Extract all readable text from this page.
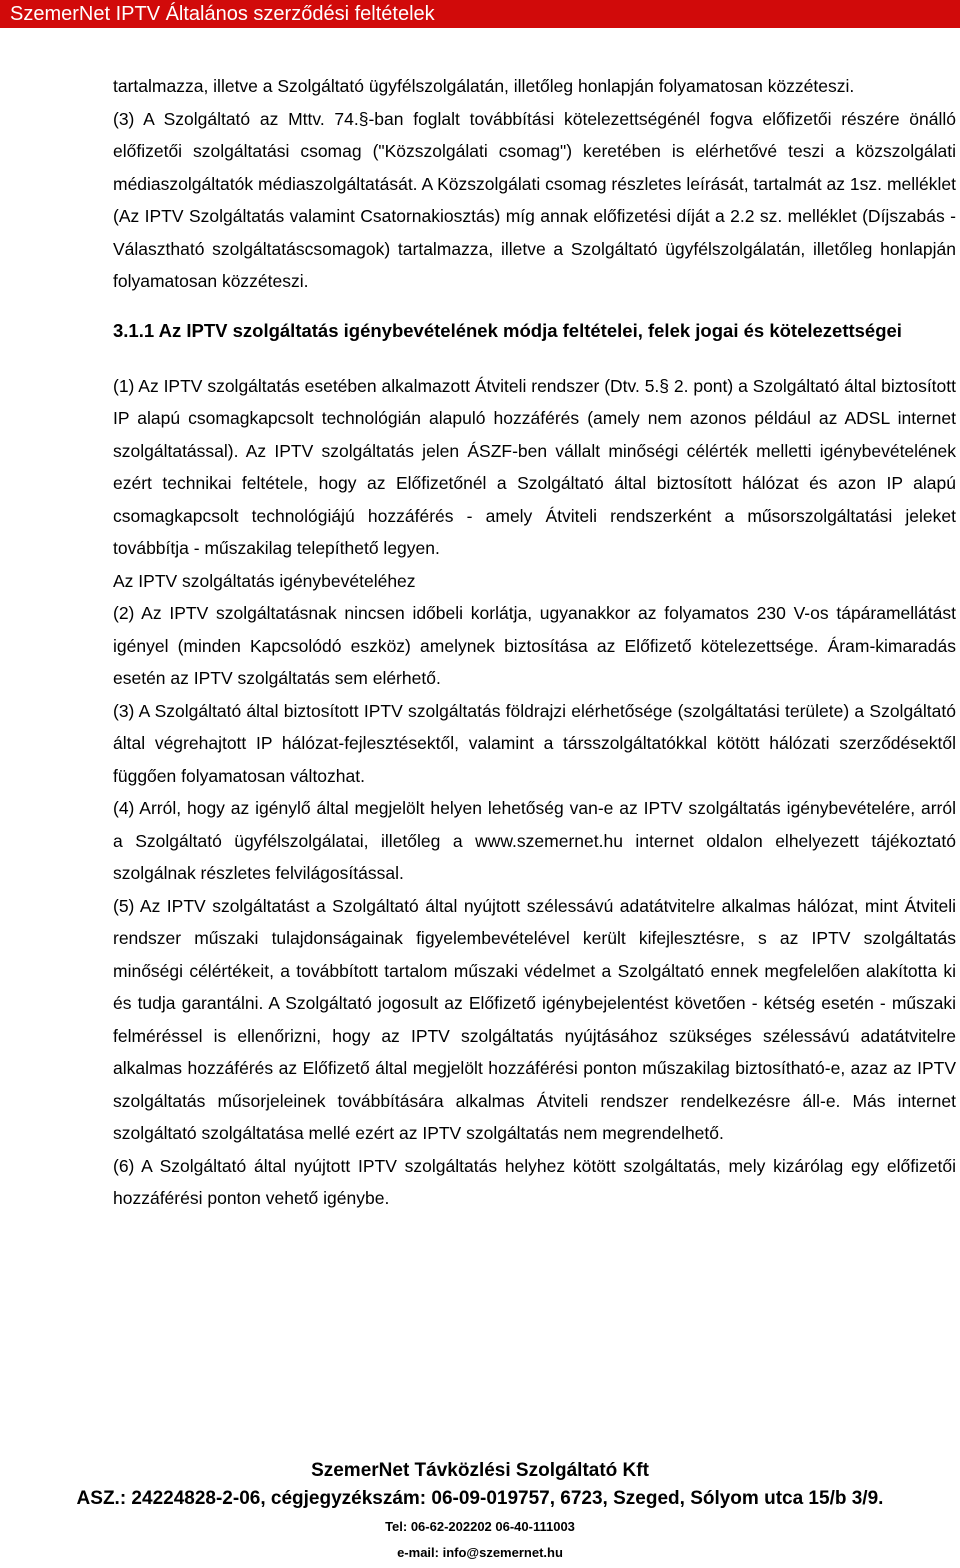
SzemerNet IPTV Általános szerződési feltételek

tartalmazza, illetve a Szolgáltató ügyfélszolgálatán, illetőleg honlapján folyamatosan közzéteszi.

(3) A Szolgáltató az Mttv. 74.§-ban foglalt továbbítási kötelezettségénél fogva előfizetői részére önálló előfizetői szolgáltatási csomag ("Közszolgálati csomag") keretében is elérhetővé teszi a közszolgálati médiaszolgáltatók médiaszolgáltatását. A Közszolgálati csomag részletes leírását, tartalmát az 1sz. melléklet (Az IPTV Szolgáltatás valamint Csatornakiosztás) míg annak előfizetési díját a 2.2 sz. melléklet (Díjszabás - Választható szolgáltatáscsomagok) tartalmazza, illetve a Szolgáltató ügyfélszolgálatán, illetőleg honlapján folyamatosan közzéteszi.

3.1.1 Az IPTV szolgáltatás igénybevételének módja feltételei, felek jogai és kötelezettségei

(1) Az IPTV szolgáltatás esetében alkalmazott Átviteli rendszer (Dtv. 5.§ 2. pont) a Szolgáltató által biztosított IP alapú csomagkapcsolt technológián alapuló hozzáférés (amely nem azonos például az ADSL internet szolgáltatással). Az IPTV szolgáltatás jelen ÁSZF-ben vállalt minőségi célérték melletti igénybevételének ezért technikai feltétele, hogy az Előfizetőnél a Szolgáltató által biztosított hálózat és azon IP alapú csomagkapcsolt technológiájú hozzáférés - amely Átviteli rendszerként a műsorszolgáltatási jeleket továbbítja - műszakilag telepíthető legyen.

Az IPTV szolgáltatás igénybevételéhez

(2) Az IPTV szolgáltatásnak nincsen időbeli korlátja, ugyanakkor az folyamatos 230 V-os tápáramellátást igényel (minden Kapcsolódó eszköz) amelynek biztosítása az Előfizető kötelezettsége. Áram-kimaradás esetén az IPTV szolgáltatás sem elérhető.

(3) A Szolgáltató által biztosított IPTV szolgáltatás földrajzi elérhetősége (szolgáltatási területe) a Szolgáltató által végrehajtott IP hálózat-fejlesztésektől, valamint a társszolgáltatókkal kötött hálózati szerződésektől függően folyamatosan változhat.

(4) Arról, hogy az igénylő által megjelölt helyen lehetőség van-e az IPTV szolgáltatás igénybevételére, arról a Szolgáltató ügyfélszolgálatai, illetőleg a www.szemernet.hu internet oldalon elhelyezett tájékoztató szolgálnak részletes felvilágosítással.

(5) Az IPTV szolgáltatást a Szolgáltató által nyújtott szélessávú adatátvitelre alkalmas hálózat, mint Átviteli rendszer műszaki tulajdonságainak figyelembevételével került kifejlesztésre, s az IPTV szolgáltatás minőségi célértékeit, a továbbított tartalom műszaki védelmet a Szolgáltató ennek megfelelően alakította ki és tudja garantálni. A Szolgáltató jogosult az Előfizető igénybejelentést követően - kétség esetén - műszaki felméréssel is ellenőrizni, hogy az IPTV szolgáltatás nyújtásához szükséges szélessávú adatátvitelre alkalmas hozzáférés az Előfizető által megjelölt hozzáférési ponton műszakilag biztosítható-e, azaz az IPTV szolgáltatás műsorjeleinek továbbítására alkalmas Átviteli rendszer rendelkezésre áll-e. Más internet szolgáltató szolgáltatása mellé ezért az IPTV szolgáltatás nem megrendelhető.

(6) A Szolgáltató által nyújtott IPTV szolgáltatás helyhez kötött szolgáltatás, mely kizárólag egy előfizetői hozzáférési ponton vehető igénybe.

SzemerNet Távközlési Szolgáltató Kft
ASZ.: 24224828-2-06, cégjegyzékszám: 06-09-019757, 6723, Szeged, Sólyom utca 15/b 3/9.
Tel: 06-62-202202 06-40-111003
e-mail: info@szemernet.hu
